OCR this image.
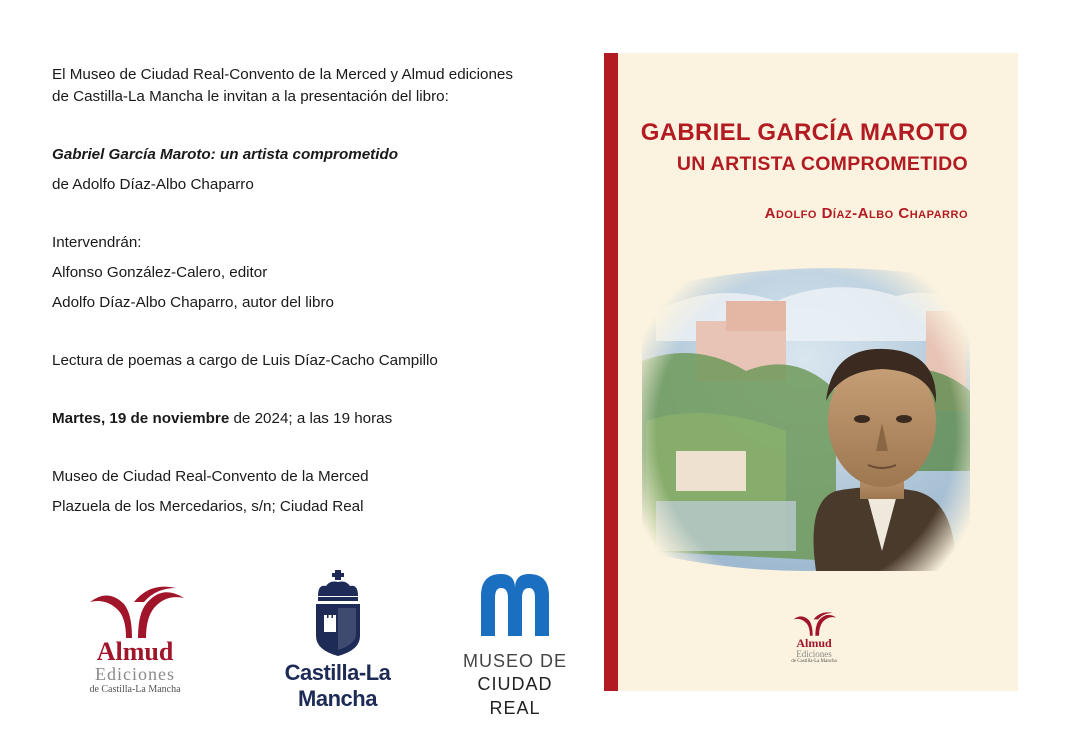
El Museo de Ciudad Real-Convento de la Merced y Almud ediciones

de Castilla-La Mancha le invitan a la presentación del libro:

Gabriel García Maroto: un artista comprometido

de Adolfo Díaz-Albo Chaparro

Intervendrán:

Alfonso González-Calero, editor

Adolfo Díaz-Albo Chaparro, autor del libro

Lectura de poemas a cargo de Luis Díaz-Cacho Campillo

Martes, 19 de noviembre de 2024; a las 19 horas

Museo de Ciudad Real-Convento de la Merced

Plazuela de los Mercedarios, s/n; Ciudad Real

Almud
Ediciones
de Castilla-La Mancha
Castilla-La Mancha
MUSEO DE
CIUDAD REAL
GABRIEL GARCÍA MAROTO
UN ARTISTA COMPROMETIDO
Adolfo Díaz-Albo Chaparro
Almud
Ediciones
de Castilla-La Mancha
